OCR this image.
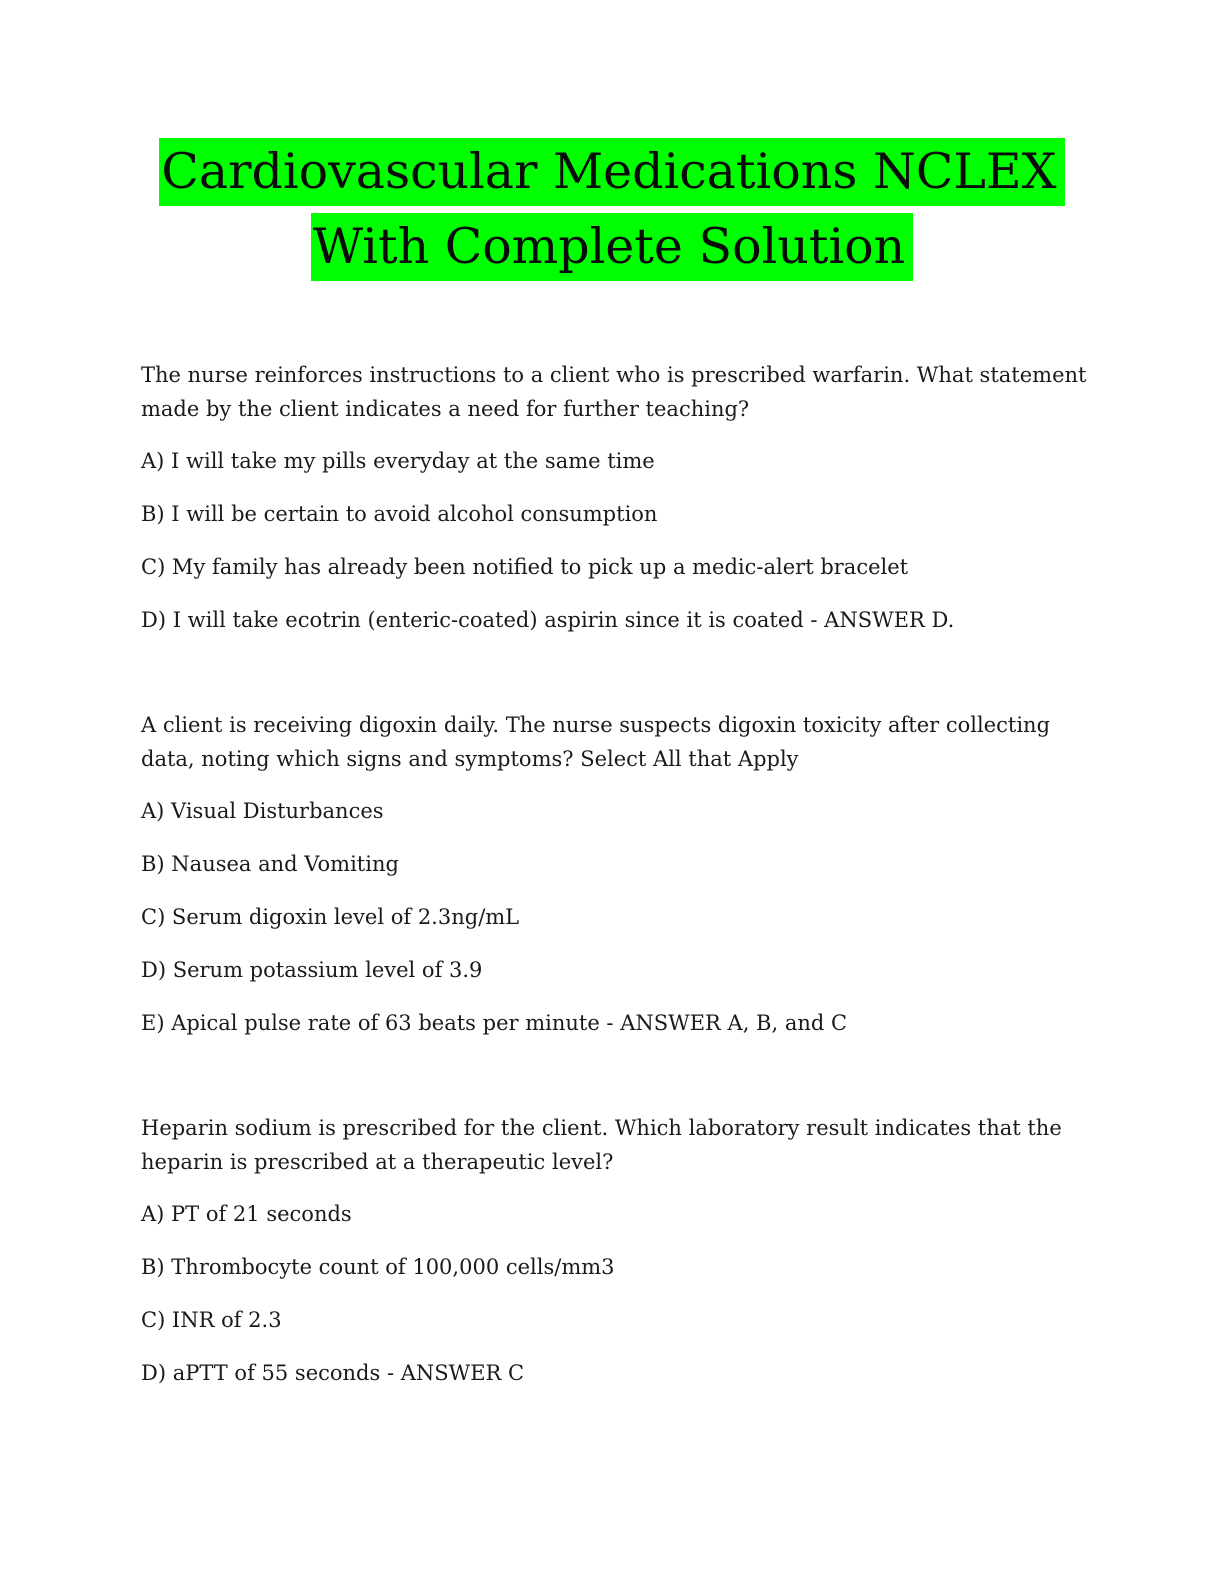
Cardiovascular Medications NCLEX
With Complete Solution

The nurse reinforces instructions to a client who is prescribed warfarin. What statement made by the client indicates a need for further teaching?

A) I will take my pills everyday at the same time

B) I will be certain to avoid alcohol consumption

C) My family has already been notified to pick up a medic-alert bracelet

D) I will take ecotrin (enteric-coated) aspirin since it is coated - ANSWER D.

A client is receiving digoxin daily. The nurse suspects digoxin toxicity after collecting data, noting which signs and symptoms? Select All that Apply

A) Visual Disturbances

B) Nausea and Vomiting

C) Serum digoxin level of 2.3ng/mL

D) Serum potassium level of 3.9

E) Apical pulse rate of 63 beats per minute - ANSWER A, B, and C

Heparin sodium is prescribed for the client. Which laboratory result indicates that the heparin is prescribed at a therapeutic level?

A) PT of 21 seconds

B) Thrombocyte count of 100,000 cells/mm3

C) INR of 2.3

D) aPTT of 55 seconds - ANSWER C
